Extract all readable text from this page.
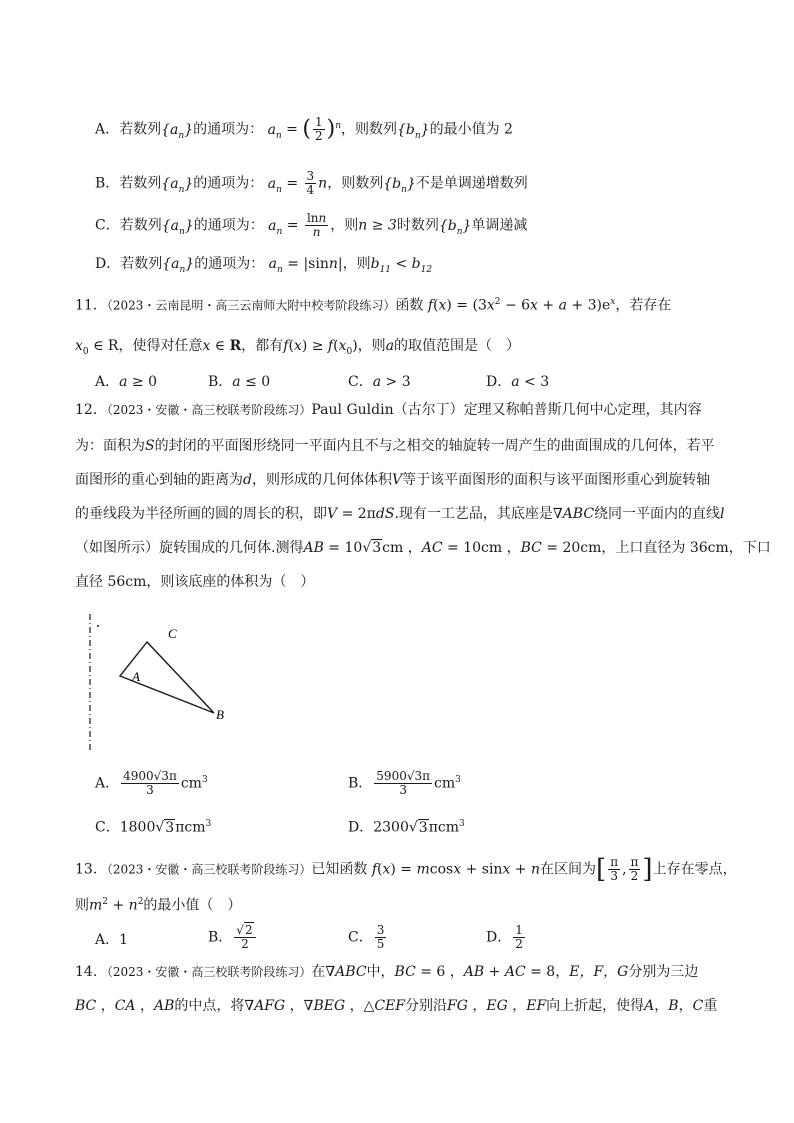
A．若数列$\{a_n\}$的通项为： $a_n$ = ( $\frac{1}{2} )^n$，则数列$\{b_n\}$的最小值为 2
B．若数列$\{a_n\}$的通项为： $a_n = \frac{3}{4}$ n，则数列$\{b_n\}$不是单调递增数列
C．若数列$\{a_n\}$的通项为： $a_n = \frac{\ln n}{n}$ ，则n ≥ 3时数列$\{b_n\}$单调递减
D．若数列$\{a_n\}$的通项为： $a_n = |\sin n|$，则$b_{11} < b_{12}$
11．（2023・云南昆明・高三云南师大附中校考阶段练习）函数 $f(x) = (3x^2 - 6x + a + 3)e^x$，若存在
$x_0$ ∈ R，使得对任意x ∈ R，都有$f(x) \ge f(x_0)$，则a的取值范围是（　）
A．a ≥ 0	B．a ≤ 0	C．a > 3	D．a < 3
12．（2023・安徽・高三校联考阶段练习）Paul Guldin（古尔丁）定理又称帕普斯几何中心定理，其内容
为：面积为S的封闭的平面图形绕同一平面内且不与之相交的轴旋转一周产生的曲面围成的几何体，若平
面图形的重心到轴的距离为d，则形成的几何体体积V等于该平面图形的面积与该平面图形重心到旋转轴
的垂线段为半径所画的圆的周长的积，即V = 2πdS.现有一工艺品，其底座是∇ABC绕同一平面内的直线l
（如图所示）旋转围成的几何体.测得AB = 10√3cm ，AC = 10cm ，BC = 20cm，上口直径为 36cm，下口
直径 56cm，则该底座的体积为（　）
C
A
B
A． $\frac{4900√3\pi}{3} cm^3$	B． $\frac{5900√3\pi}{3} cm^3$
C．1800√3πcm$^3$	D．2300√3πcm$^3$
13．（2023・安徽・高三校联考阶段练习）已知函数 f(x) = mcosx + sinx + n在区间为[ $\frac{\pi}{3}$ , $\frac{\pi}{2}$ ]上存在零点，
则$m^2 + n^2$的最小值（　）
A．1	B． $\frac{√2}{2}$	C． $\frac{3}{5}$	D． $\frac{1}{2}$
14．（2023・安徽・高三校联考阶段练习）在∇ABC中，BC = 6 ，AB + AC = 8，E，F，G分别为三边
BC ，CA ，AB的中点，将∇AFG ，∇BEG ，△CEF分别沿FG ，EG ，EF向上折起，使得A，B，C重
